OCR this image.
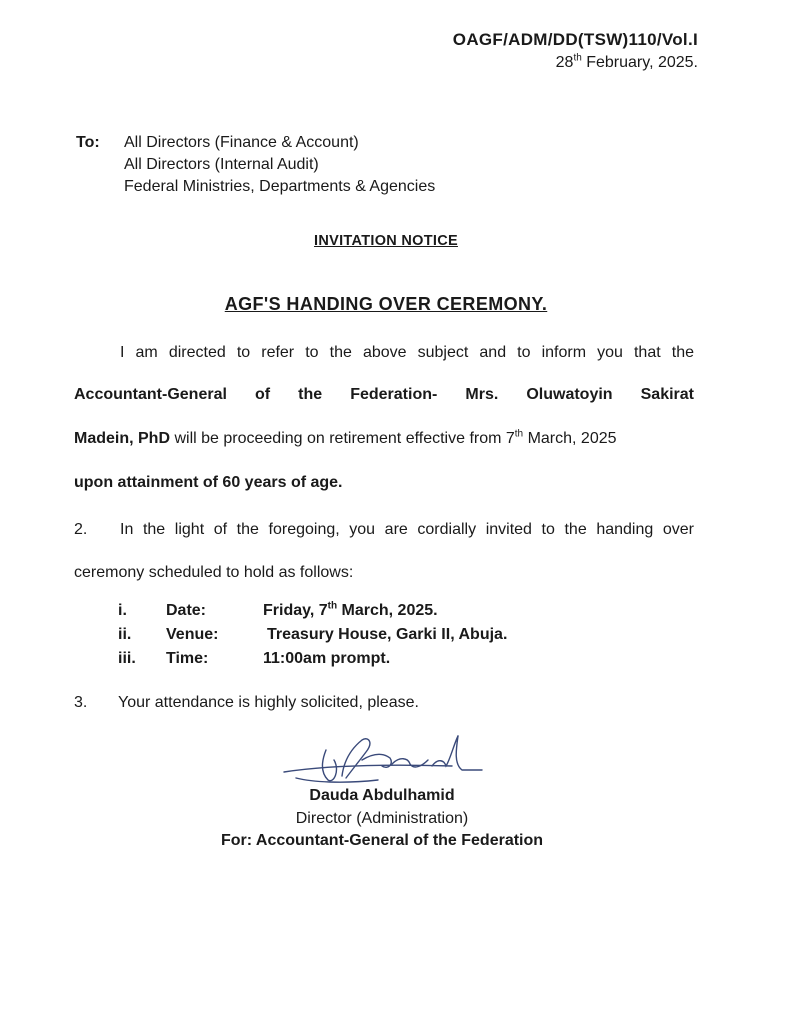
OAGF/ADM/DD(TSW)110/Vol.I
28th February, 2025.
To: All Directors (Finance & Account)
All Directors (Internal Audit)
Federal Ministries, Departments & Agencies
INVITATION NOTICE
AGF'S HANDING OVER CEREMONY.
I am directed to refer to the above subject and to inform you that the
Accountant-General of the Federation- Mrs. Oluwatoyin Sakirat
Madein, PhD will be proceeding on retirement effective from 7th March, 2025
upon attainment of 60 years of age.
2. In the light of the foregoing, you are cordially invited to the handing over
ceremony scheduled to hold as follows:
i. Date:	Friday, 7th March, 2025.
ii. Venue:	Treasury House, Garki II, Abuja.
iii. Time:	11:00am prompt.
3. Your attendance is highly solicited, please.
Dauda Abdulhamid
Director (Administration)
For: Accountant-General of the Federation
